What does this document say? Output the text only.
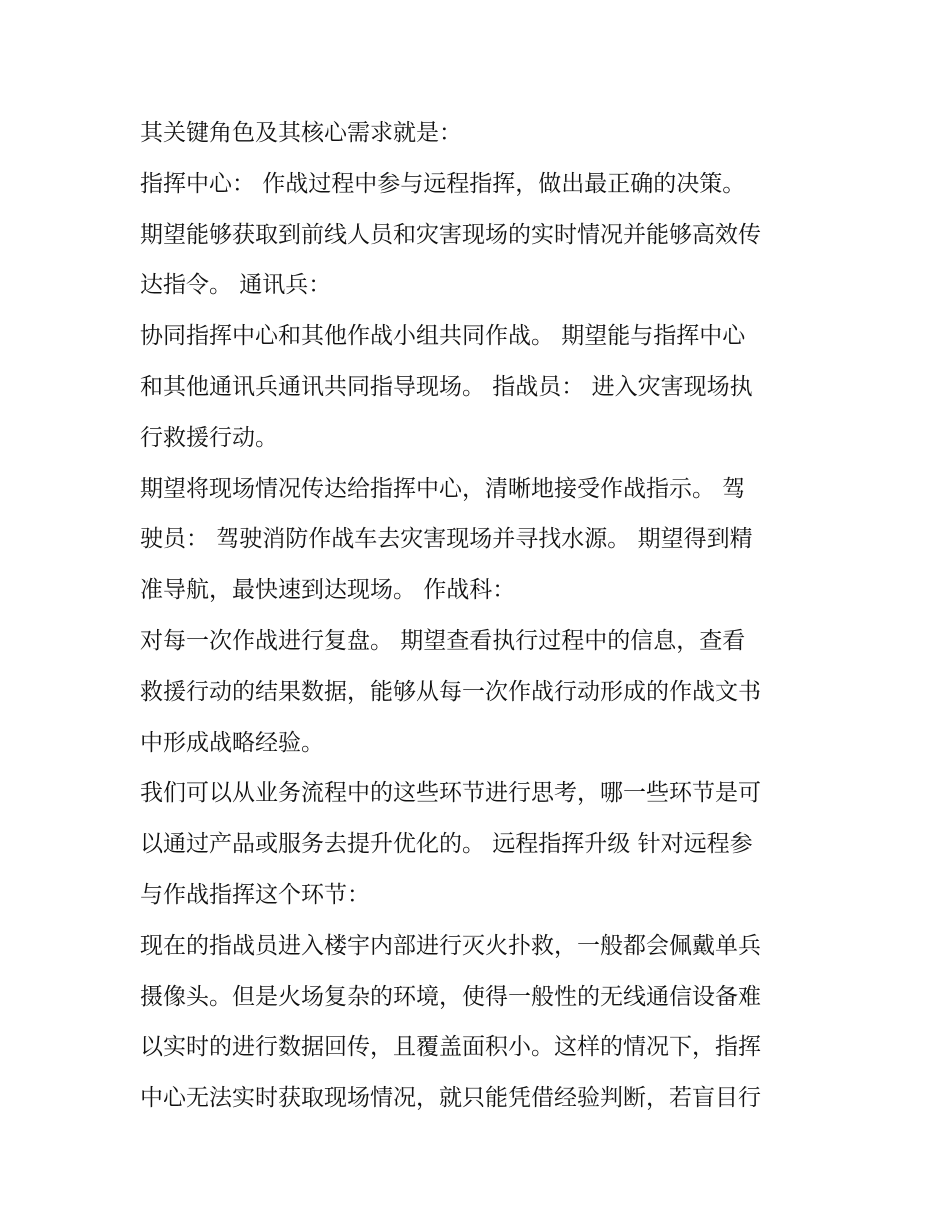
其关键角色及其核心需求就是：
指挥中心： 作战过程中参与远程指挥，做出最正确的决策。
期望能够获取到前线人员和灾害现场的实时情况并能够高效传
达指令。 通讯兵：
协同指挥中心和其他作战小组共同作战。 期望能与指挥中心
和其他通讯兵通讯共同指导现场。 指战员： 进入灾害现场执
行救援行动。
期望将现场情况传达给指挥中心，清晰地接受作战指示。 驾
驶员： 驾驶消防作战车去灾害现场并寻找水源。 期望得到精
准导航，最快速到达现场。 作战科：
对每一次作战进行复盘。 期望查看执行过程中的信息，查看
救援行动的结果数据，能够从每一次作战行动形成的作战文书
中形成战略经验。
我们可以从业务流程中的这些环节进行思考，哪一些环节是可
以通过产品或服务去提升优化的。 远程指挥升级 针对远程参
与作战指挥这个环节：
现在的指战员进入楼宇内部进行灭火扑救，一般都会佩戴单兵
摄像头。但是火场复杂的环境，使得一般性的无线通信设备难
以实时的进行数据回传，且覆盖面积小。这样的情况下，指挥
中心无法实时获取现场情况，就只能凭借经验判断，若盲目行
